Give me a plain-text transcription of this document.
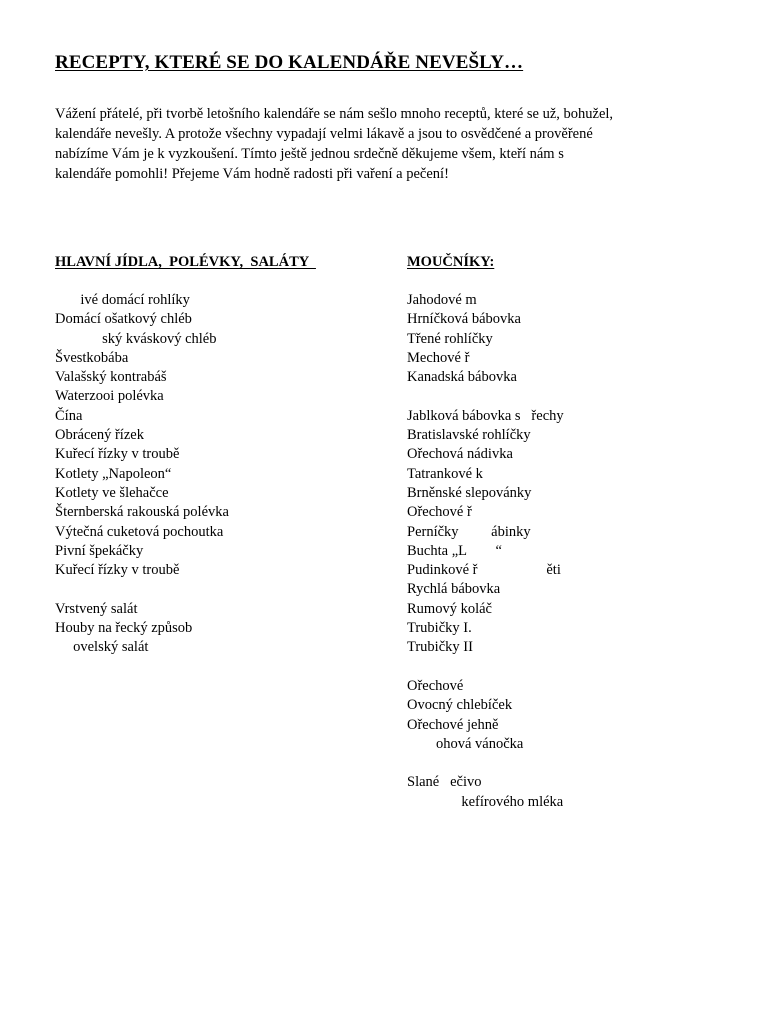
RECEPTY, KTERÉ SE DO KALENDÁŘE NEVEŠLY…

Vážení přátelé, při tvorbě letošního kalendáře se nám sešlo mnoho receptů, které se už, bohužel,
kalendáře nevešly. A protože všechny vypadají velmi lákavě a jsou to osvědčené a prověřené
nabízíme Vám je k vyzkoušení. Tímto ještě jednou srdečně děkujeme všem, kteří nám s
kalendáře pomohli! Přejeme Vám hodně radosti při vaření a pečení!

HLAVNÍ JÍDLA,  POLÉVKY,  SALÁTY
ivé domácí rohlíky
Domácí ošatkový chléb
ský kváskový chléb
Švestkobába
Valašský kontrabáš
Waterzooi polévka
Čína
Obrácený řízek
Kuřecí řízky v troubě
Kotlety „Napoleon“
Kotlety ve šlehačce
Šternberská rakouská polévka
Výtečná cuketová pochoutka
Pivní špekáčky
Kuřecí řízky v troubě
Vrstvený salát
Houby na řecký způsob
ovelský salát
MOUČNÍKY:
Jahodové m
Hrníčková bábovka
Třené rohlíčky
Mechové ř
Kanadská bábovka
Jablková bábovka s   řechy
Bratislavské rohlíčky
Ořechová nádivka
Tatrankové k
Brněnské slepovánky
Ořechové ř
Perníčky         ábinky
Buchta „L        “
Pudinkové ř                   ěti
Rychlá bábovka
Rumový koláč
Trubičky I.
Trubičky II
Ořechové
Ovocný chlebíček
Ořechové jehně
ohová vánočka
Slané   ečivo
kefírového mléka
